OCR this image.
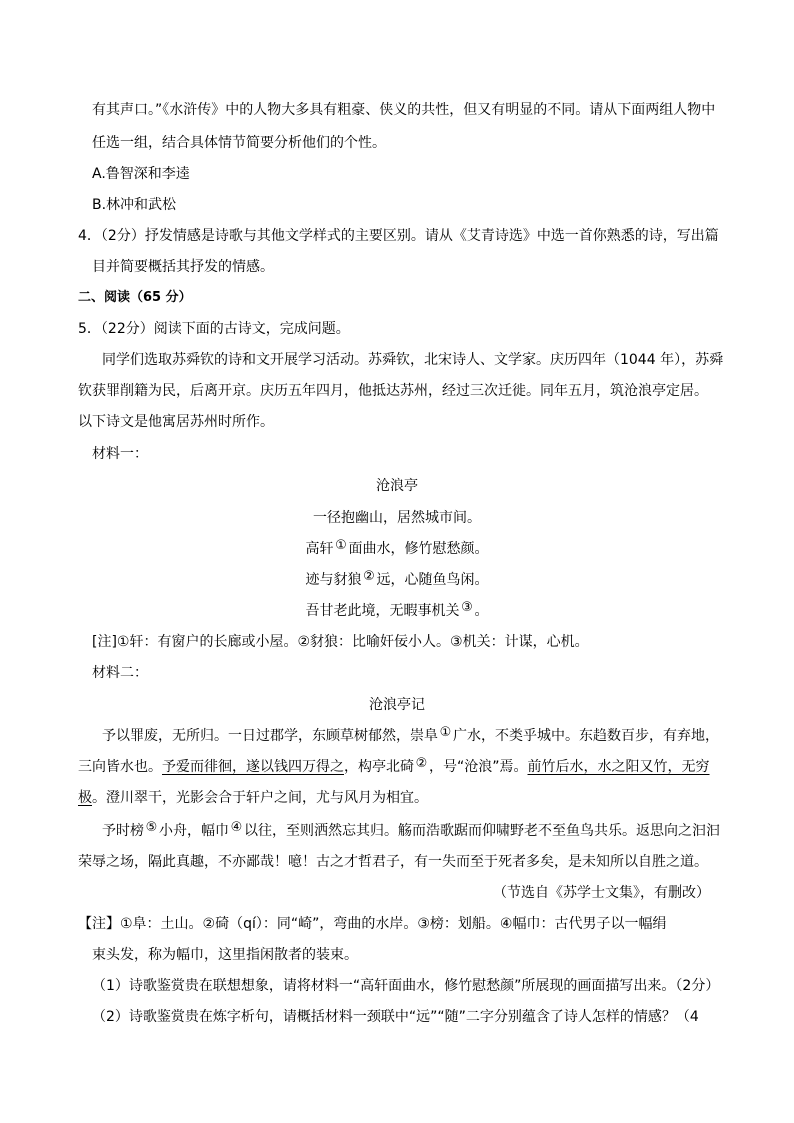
有其声口。”《水浒传》中的人物大多具有粗豪、侠义的共性，但又有明显的不同。请从下面两组人物中
任选一组，结合具体情节简要分析他们的个性。
A.鲁智深和李逵
B.林冲和武松
4．（2分）抒发情感是诗歌与其他文学样式的主要区别。请从《艾青诗选》中选一首你熟悉的诗，写出篇
目并简要概括其抒发的情感。
二、阅读（65 分）
5．（22分）阅读下面的古诗文，完成问题。
同学们选取苏舜钦的诗和文开展学习活动。苏舜钦，北宋诗人、文学家。庆历四年（1044 年），苏舜
钦获罪削籍为民，后离开京。庆历五年四月，他抵达苏州，经过三次迁徙。同年五月，筑沧浪亭定居。
以下诗文是他寓居苏州时所作。
材料一：
沧浪亭
一径抱幽山，居然城市间。
高轩 ① 面曲水，修竹慰愁颜。
迹与豺狼 ② 远，心随鱼鸟闲。
吾甘老此境，无暇事机关 ③ 。
[注]①轩：有窗户的长廊或小屋。②豺狼：比喻奸佞小人。③机关：计谋，心机。
材料二：
沧浪亭记
予以罪废，无所归。一日过郡学，东顾草树郁然，崇阜 ① 广水，不类乎城中。东趋数百步，有弃地，
三向皆水也。予爱而徘徊，遂以钱四万得之，构亭北碕 ② ，号“沧浪”焉。前竹后水，水之阳又竹，无穷
极。澄川翠干，光影会合于轩户之间，尤与风月为相宜。
予时榜 ⑤ 小舟，幅巾 ④ 以往，至则洒然忘其归。觞而浩歌踞而仰啸野老不至鱼鸟共乐。返思向之汩汩
荣辱之场，隔此真趣，不亦鄙哉！噫！古之才哲君子，有一失而至于死者多矣，是未知所以自胜之道。
（节选自《苏学士文集》，有删改）
【注】①阜：土山。②碕（qí）：同“崎”，弯曲的水岸。③榜：划船。④幅巾：古代男子以一幅绢
束头发，称为幅巾，这里指闲散者的装束。
（1）诗歌鉴赏贵在联想想象，请将材料一“高轩面曲水，修竹慰愁颜”所展现的画面描写出来。（2分）
（2）诗歌鉴赏贵在炼字析句，请概括材料一颈联中“远”“随”二字分别蕴含了诗人怎样的情感？（4
